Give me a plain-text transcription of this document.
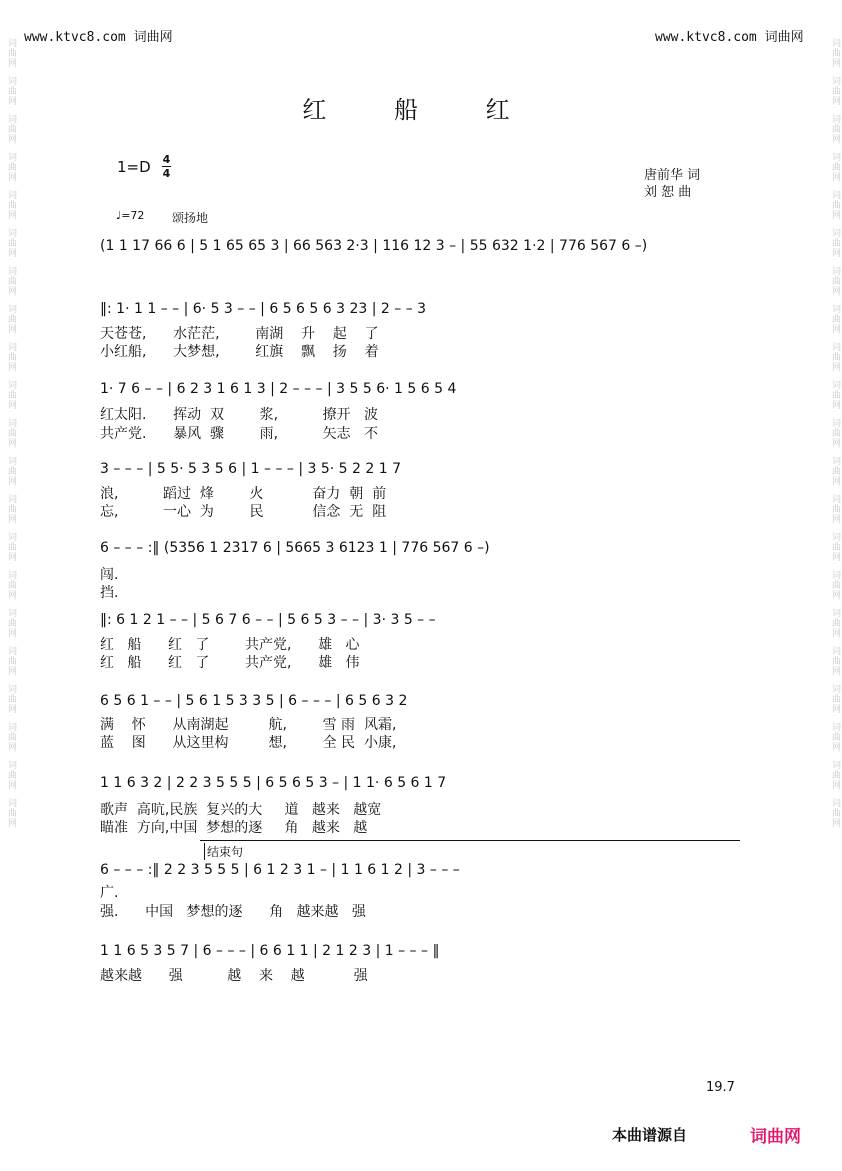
www.ktvc8.com 词曲网	www.ktvc8.com 词曲网
词曲网
词曲网
词曲网
词曲网
词曲网
词曲网
词曲网
词曲网
词曲网
词曲网
词曲网
词曲网
词曲网
词曲网
词曲网
词曲网
词曲网
词曲网
词曲网
词曲网
词曲网
词曲网
词曲网
词曲网
词曲网
词曲网
词曲网
词曲网
词曲网
词曲网
词曲网
词曲网
词曲网
词曲网
词曲网
词曲网
词曲网
词曲网
词曲网
词曲网
词曲网
词曲网
红 船 红
1=D 4
4	唐前华 词
刘 恕 曲
♩=72 颂扬地
(1 1 17 66 6 | 5 1 65 65 3 | 66 563 2·3 | 116 12 3 – | 55 632 1·2 | 776 567 6 –)
‖: 1· 1 1 – – | 6· 5 3 – – | 6 5 6 5 6 3 23 | 2 – – 3
天苍苍,      水茫茫,        南湖    升    起    了
小红船,      大梦想,        红旗    飘    扬    着
1· 7 6 – – | 6 2 3 1 6 1 3 | 2 – – – | 3 5 5 6· 1 5 6 5 4
红太阳.      挥动  双        浆,          撩开   波
共产党.      暴风  骤        雨,          矢志   不
3 – – – | 5 5· 5 3 5 6 | 1 – – – | 3 5· 5 2 2 1 7
浪,          蹈过  烽        火           奋力  朝  前
忘,          一心  为        民           信念  无  阻
6 – – – :‖ (5356 1 2317 6 | 5665 3 6123 1 | 776 567 6 –)
闯.
挡.
‖: 6 1 2 1 – – | 5 6 7 6 – – | 5 6 5 3 – – | 3· 3 5 – –
红   船      红   了        共产党,      雄   心
红   船      红   了        共产党,      雄   伟
6 5 6 1 – – | 5 6 1 5 3 3 5 | 6 – – – | 6 5 6 3 2
满    怀      从南湖起         航,        雪 雨  风霜,
蓝    图      从这里构         想,        全 民  小康,
1 1 6 3 2 | 2 2 3 5 5 5 | 6 5 6 5 3 – | 1 1· 6 5 6 1 7
歌声  高吭,民族  复兴的大     道   越来   越宽
瞄准  方向,中国  梦想的逐     角   越来   越
结束句
6 – – – :‖ 2 2 3 5 5 5 | 6 1 2 3 1 – | 1 1 6 1 2 | 3 – – –
广.
强.      中国   梦想的逐      角   越来越   强
1 1 6 5 3 5 7 | 6 – – – | 6 6 1 1 | 2 1 2 3 | 1 – – – ‖
越来越      强          越    来    越           强
19.7
本曲谱源自	词曲网
